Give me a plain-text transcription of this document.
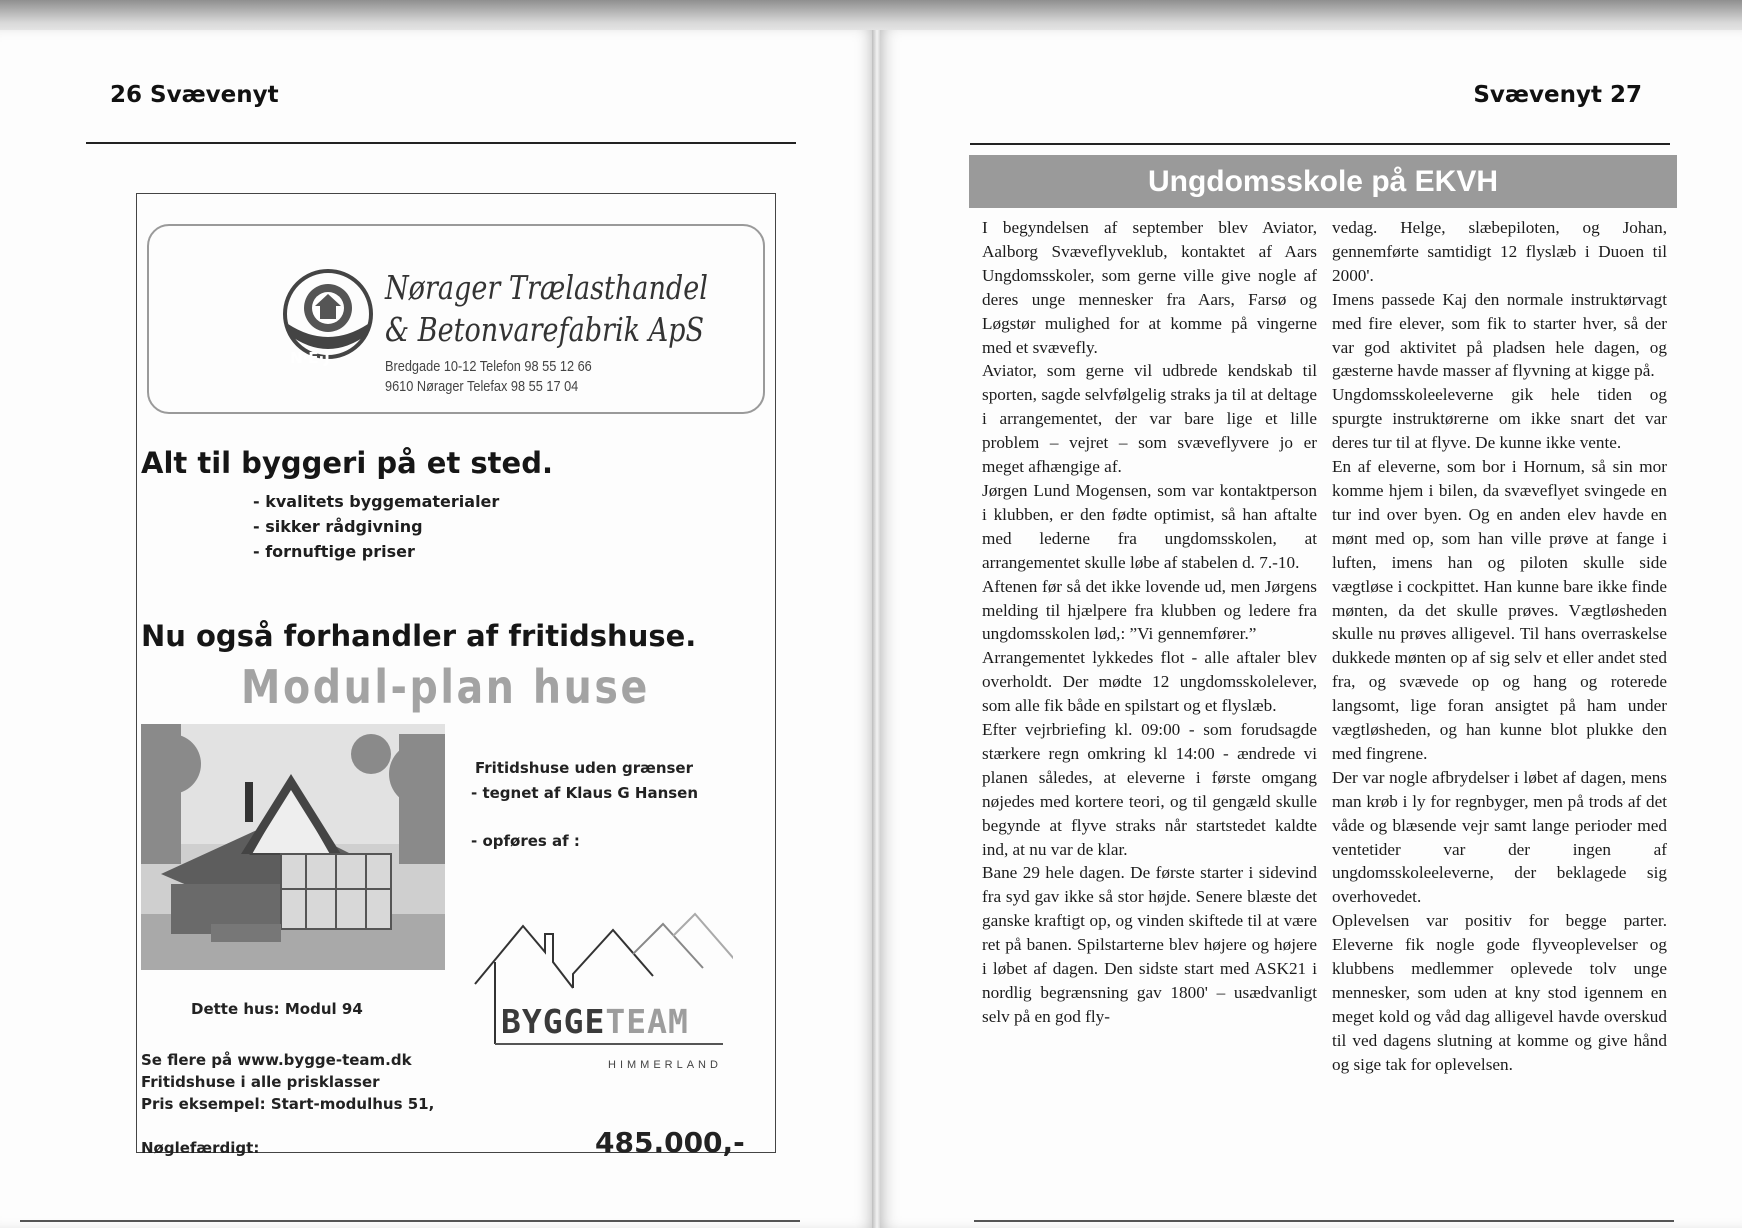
26 Svævenyt
N·E·J
Nørager Trælasthandel
& Betonvarefabrik ApS
Bredgade 10-12 Telefon 98 55 12 66
9610 Nørager Telefax 98 55 17 04
Alt til byggeri på et sted.
- kvalitets byggematerialer
- sikker rådgivning
- fornuftige priser
Nu også forhandler af fritidshuse.
Modul-plan huse
Fritidshuse uden grænser
- tegnet af Klaus G Hansen
- opføres af :
BYGGETEAM
HIMMERLAND
Dette hus: Modul 94
Se flere på www.bygge-team.dk
Fritidshuse i alle prisklasser
Pris eksempel: Start-modulhus 51,
Nøglefærdigt:	485.000,-
Svævenyt 27
Ungdomsskole på EKVH

I begyndelsen af september blev Aviator, Aalborg Svæveflyveklub, kontaktet af Aars Ungdomsskoler, som gerne ville give nogle af deres unge mennesker fra Aars, Farsø og Løgstør mulighed for at komme på vingerne med et svævefly.

Aviator, som gerne vil udbrede kendskab til sporten, sagde selvfølgelig straks ja til at deltage i arrangementet, der var bare lige et lille problem – vejret – som svæveflyvere jo er meget afhængige af.

Jørgen Lund Mogensen, som var kontaktperson i klubben, er den fødte optimist, så han aftalte med lederne fra ungdomsskolen, at arrangementet skulle løbe af stabelen d. 7.-10.

Aftenen før så det ikke lovende ud, men Jørgens melding til hjælpere fra klubben og ledere fra ungdomsskolen lød,: ”Vi gennemfører.”

Arrangementet lykkedes flot - alle aftaler blev overholdt. Der mødte 12 ungdomsskolelever, som alle fik både en spilstart og et flyslæb.

Efter vejrbriefing kl. 09:00 - som forudsagde stærkere regn omkring kl 14:00 - ændrede vi planen således, at eleverne i første omgang nøjedes med kortere teori, og til gengæld skulle begynde at flyve straks når startstedet kaldte ind, at nu var de klar.

Bane 29 hele dagen. De første starter i sidevind fra syd gav ikke så stor højde. Senere blæste det ganske kraftigt op, og vinden skiftede til at være ret på banen. Spilstarterne blev højere og højere i løbet af dagen. Den sidste start med ASK21 i nordlig begrænsning gav 1800' – usædvanligt selv på en god fly-

vedag. Helge, slæbepiloten, og Johan, gennemførte samtidigt 12 flyslæb i Duoen til 2000'.

Imens passede Kaj den normale instruktørvagt med fire elever, som fik to starter hver, så der var god aktivitet på pladsen hele dagen, og gæsterne havde masser af flyvning at kigge på.

Ungdomsskoleeleverne gik hele tiden og spurgte instruktørerne om ikke snart det var deres tur til at flyve. De kunne ikke vente.

En af eleverne, som bor i Hornum, så sin mor komme hjem i bilen, da svæveflyet svingede en tur ind over byen. Og en anden elev havde en mønt med op, som han ville prøve at fange i luften, imens han og piloten skulle side vægtløse i cockpittet. Han kunne bare ikke finde mønten, da det skulle prøves. Vægtløsheden skulle nu prøves alligevel. Til hans overraskelse dukkede mønten op af sig selv et eller andet sted fra, og svævede op og hang og roterede langsomt, lige foran ansigtet på ham under vægtløsheden, og han kunne blot plukke den med fingrene.

Der var nogle afbrydelser i løbet af dagen, mens man krøb i ly for regnbyger, men på trods af det våde og blæsende vejr samt lange perioder med ventetider var der ingen af ungdomsskoleeleverne, der beklagede sig overhovedet.

Oplevelsen var positiv for begge parter. Eleverne fik nogle gode flyveoplevelser og klubbens medlemmer oplevede tolv unge mennesker, som uden at kny stod igennem en meget kold og våd dag alligevel havde overskud til ved dagens slutning at komme og give hånd og sige tak for oplevelsen.
